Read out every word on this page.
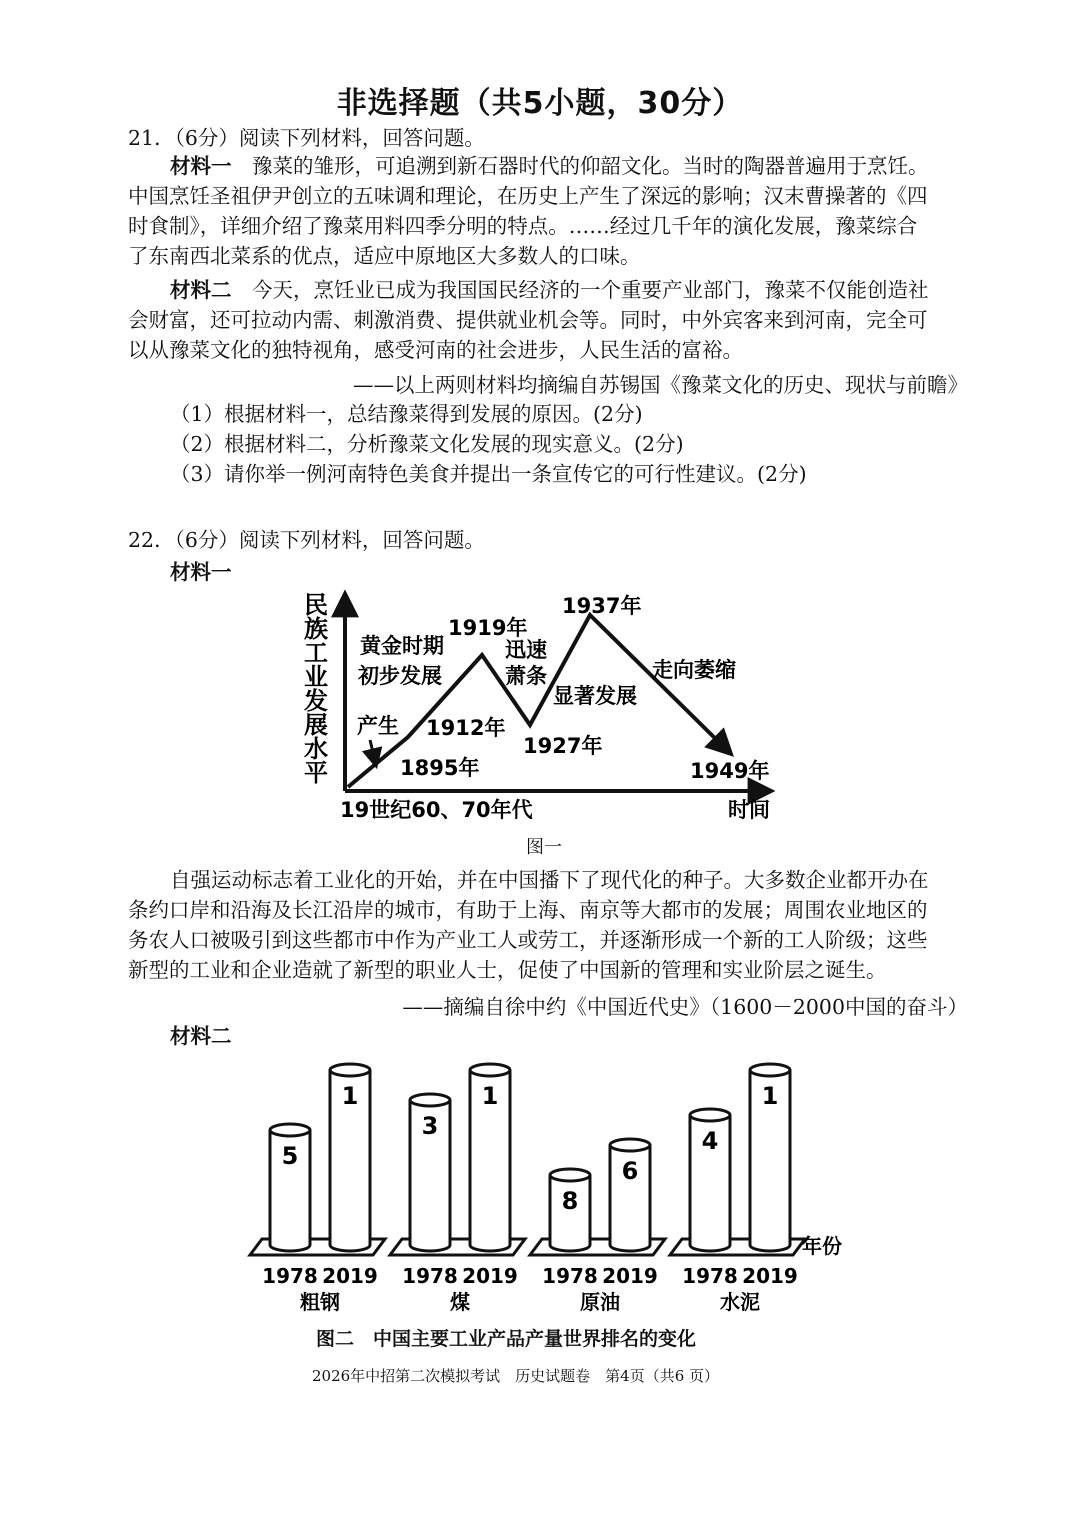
非选择题（共5小题，30分）
21．（6分）阅读下列材料，回答问题。
材料一　 豫菜的雏形，可追溯到新石器时代的仰韶文化。当时的陶器普遍用于烹饪。
中国烹饪圣祖伊尹创立的五味调和理论，在历史上产生了深远的影响；汉末曹操著的《四
时食制》，详细介绍了豫菜用料四季分明的特点。……经过几千年的演化发展，豫菜综合
了东南西北菜系的优点，适应中原地区大多数人的口味。
材料二　 今天，烹饪业已成为我国国民经济的一个重要产业部门，豫菜不仅能创造社
会财富，还可拉动内需、刺激消费、提供就业机会等。同时，中外宾客来到河南，完全可
以从豫菜文化的独特视角，感受河南的社会进步，人民生活的富裕。
——以上两则材料均摘编自苏锡国《豫菜文化的历史、现状与前瞻》
（1）根据材料一，总结豫菜得到发展的原因。(2分)
（2）根据材料二，分析豫菜文化发展的现实意义。(2分)
（3）请你举一例河南特色美食并提出一条宣传它的可行性建议。(2分)
22．（6分）阅读下列材料，回答问题。
材料一
民族工业发展水平
黄金时期
初步发展
产生
1895年
1912年
1919年
迅速
萧条
1927年
1937年
显著发展
走向萎缩
1949年
19世纪60、70年代	时间
图一
自强运动标志着工业化的开始，并在中国播下了现代化的种子。大多数企业都开办在
条约口岸和沿海及长江沿岸的城市，有助于上海、南京等大都市的发展；周围农业地区的
务农人口被吸引到这些都市中作为产业工人或劳工，并逐渐形成一个新的工人阶级；这些
新型的工业和企业造就了新型的职业人士，促使了中国新的管理和实业阶层之诞生。
——摘编自徐中约《中国近代史》（1600－2000中国的奋斗）
材料二
5
1978
1
2019
粗钢
3
1978
1
2019
煤
8
1978
6
2019
原油
4
1978
1
2019
水泥
年份
图二　中国主要工业产品产量世界排名的变化
2026年中招第二次模拟考试　历史试题卷　第4页（共6 页）
